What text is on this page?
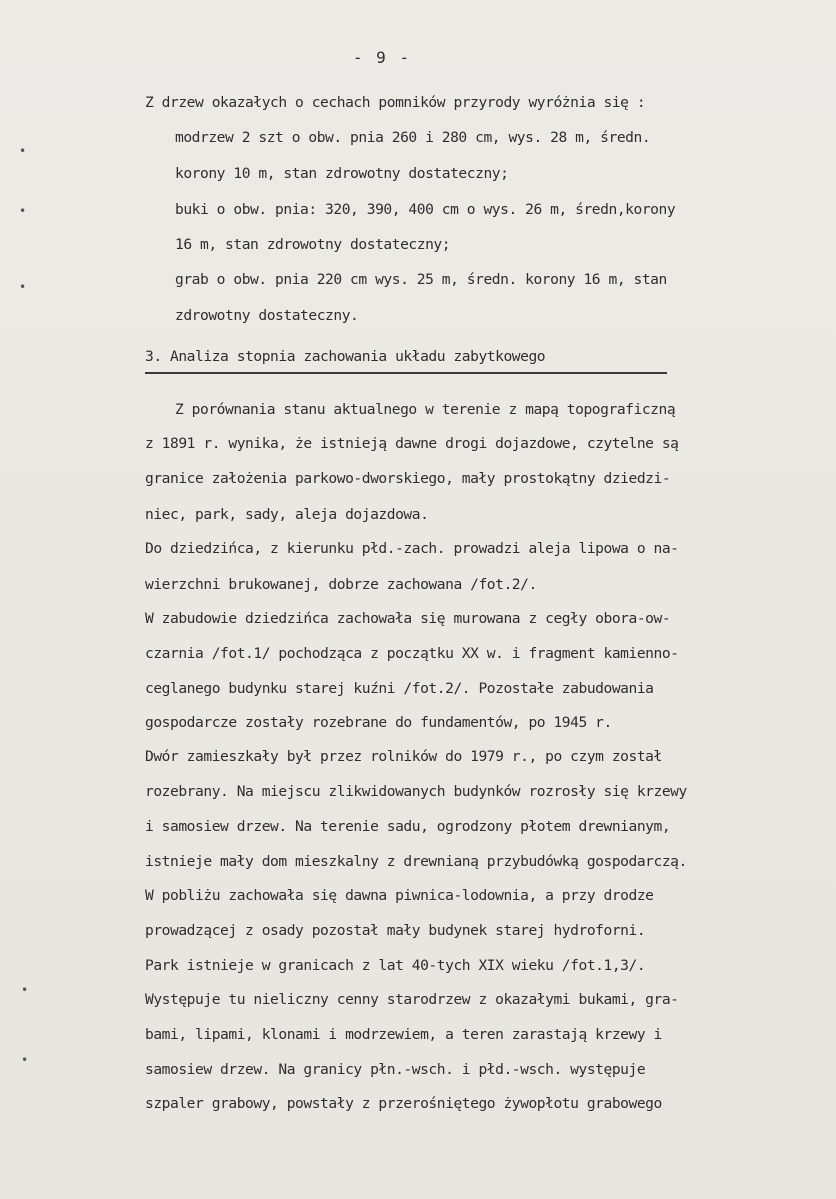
•
•
•
•
•
- 9 -
Z drzew okazałych o cechach pomników przyrody wyróżnia się :
modrzew 2 szt o obw. pnia 260 i 280 cm, wys. 28 m, średn.
korony 10 m, stan zdrowotny dostateczny;
buki o obw. pnia: 320, 390, 400 cm o wys. 26 m, średn,korony
16 m, stan zdrowotny dostateczny;
grab o obw. pnia 220 cm wys. 25 m, średn. korony 16 m, stan
zdrowotny dostateczny.
3. Analiza stopnia zachowania układu zabytkowego
Z porównania stanu aktualnego w terenie z mapą topograficzną
z 1891 r. wynika, że istnieją dawne drogi dojazdowe, czytelne są
granice założenia parkowo-dworskiego, mały prostokątny dziedzi-
niec, park, sady, aleja dojazdowa.
Do dziedzińca, z kierunku płd.-zach. prowadzi aleja lipowa o na-
wierzchni brukowanej, dobrze zachowana /fot.2/.
W zabudowie dziedzińca zachowała się murowana z cegły obora-ow-
czarnia /fot.1/ pochodząca z początku XX w. i fragment kamienno-
ceglanego budynku starej kuźni /fot.2/. Pozostałe zabudowania
gospodarcze zostały rozebrane do fundamentów, po 1945 r.
Dwór zamieszkały był przez rolników do 1979 r., po czym został
rozebrany. Na miejscu zlikwidowanych budynków rozrosły się krzewy
i samosiew drzew. Na terenie sadu, ogrodzony płotem drewnianym,
istnieje mały dom mieszkalny z drewnianą przybudówką gospodarczą.
W pobliżu zachowała się dawna piwnica-lodownia, a przy drodze
prowadzącej z osady pozostał mały budynek starej hydroforni.
Park istnieje w granicach z lat 40-tych XIX wieku /fot.1,3/.
Występuje tu nieliczny cenny starodrzew z okazałymi bukami, gra-
bami, lipami, klonami i modrzewiem, a teren zarastają krzewy i
samosiew drzew. Na granicy płn.-wsch. i płd.-wsch. występuje
szpaler grabowy, powstały z przerośniętego żywopłotu grabowego
